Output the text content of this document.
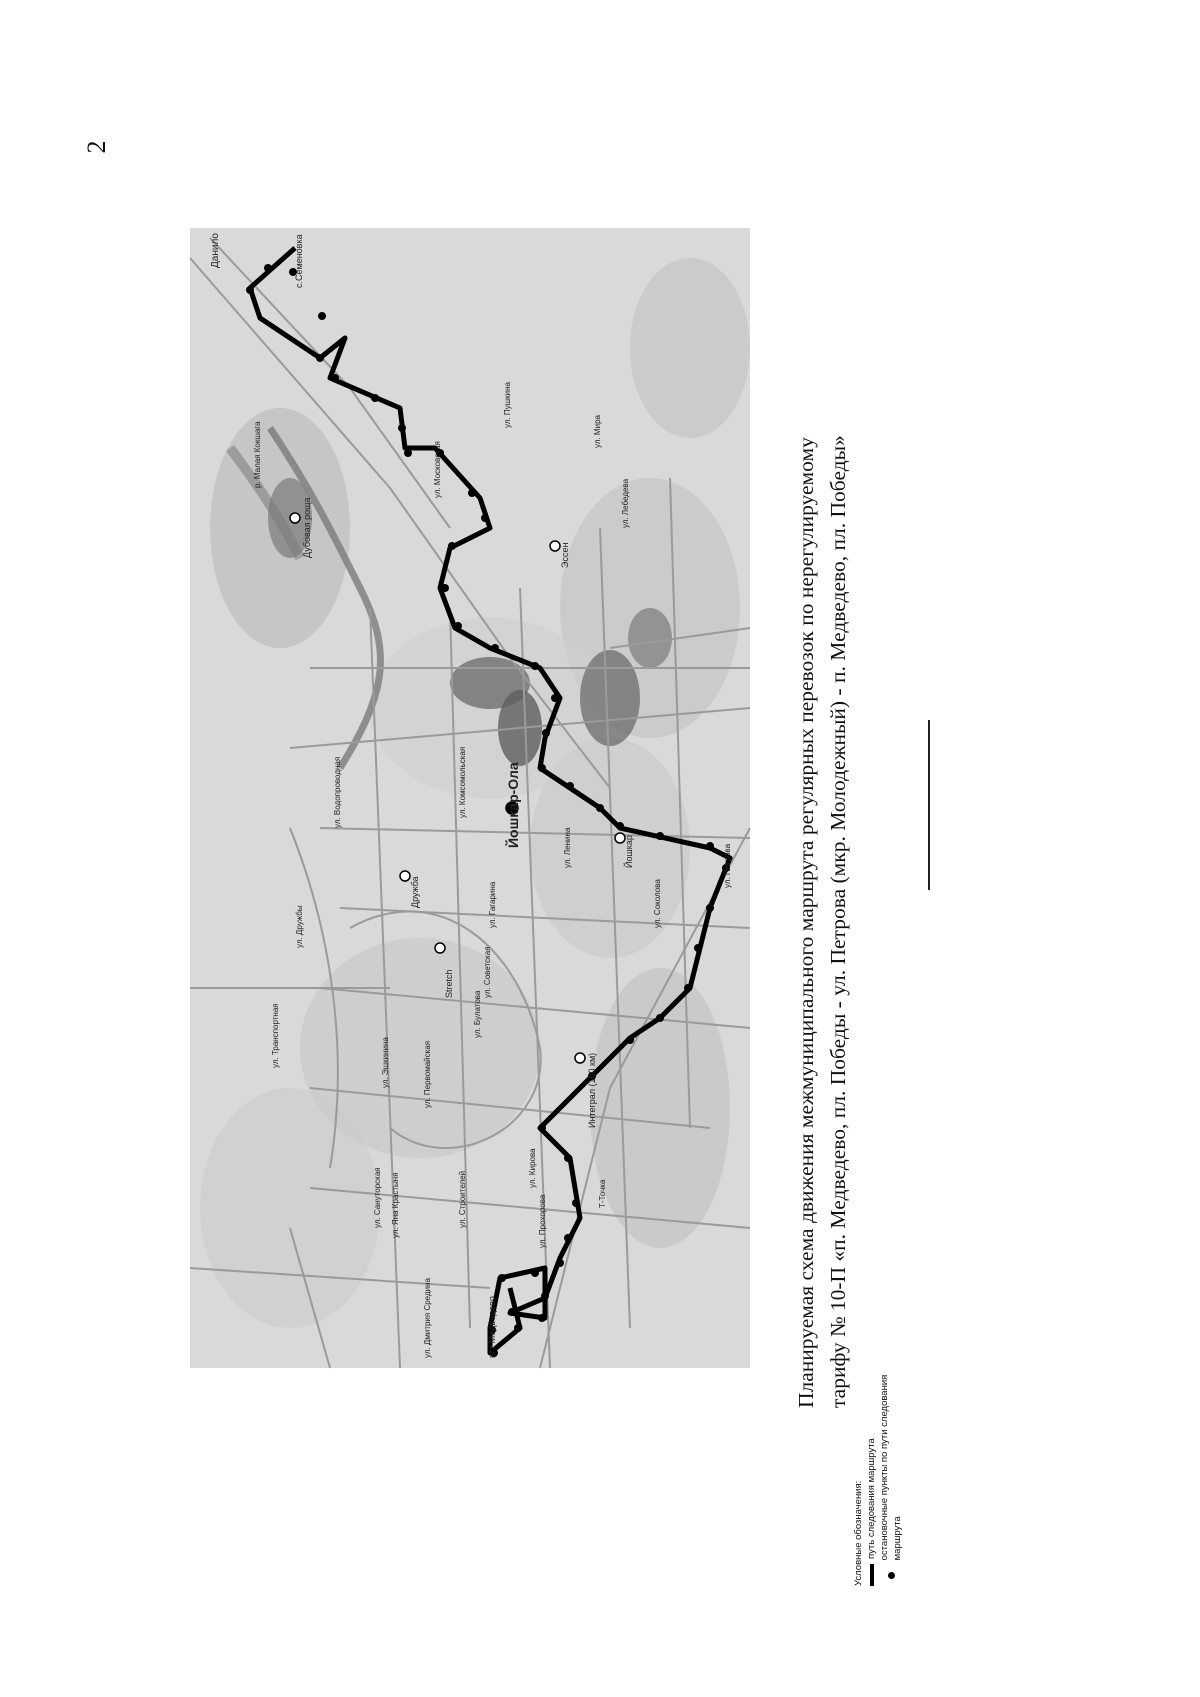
2
Йошкар-Ола
пгт Медведево
с.Семеновка
Данило
Дубовая роща	Эссен
Интеграл (100 км)
Дружба
Stretch
Йошкар
Т-Точка
ул. Дружбы
ул. Транспортная
ул. Водопроводная
ул. Мира
ул. Комсомольская
ул. Советская
ул. Первомайская
ул. Эшкинина
ул. Дмитрия Средина
ул. Сануторская	ул. Строителей
ул. Кирова
ул. Прохорова
ул. Соколова
ул. Яна Крастыня
ул. Гагарина
ул. Булатова
ул. Лебедева
ул. Ленина	ул. Петрова
ул. Московская
ул. Пушкина
р. Малая Кокшага
Условные обозначения: путь следования маршрута остановочные пункты по пути следования маршрута
Планируемая схема движения межмуниципального маршрута регулярных перевозок по нерегулируемому тарифу № 10-П «п. Медведево, пл. Победы - ул. Петрова (мкр. Молодежный) - п. Медведево, пл. Победы»
